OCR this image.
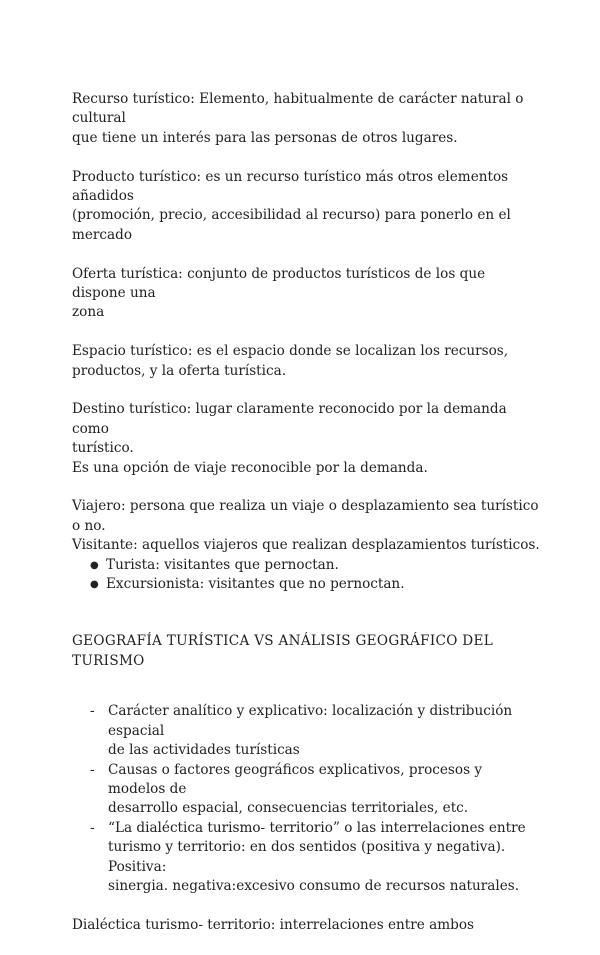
Recurso turístico: Elemento, habitualmente de carácter natural o cultural
que tiene un interés para las personas de otros lugares.

Producto turístico: es un recurso turístico más otros elementos añadidos
(promoción, precio, accesibilidad al recurso) para ponerlo en el mercado

Oferta turística: conjunto de productos turísticos de los que dispone una
zona

Espacio turístico: es el espacio donde se localizan los recursos,
productos, y la oferta turística.

Destino turístico: lugar claramente reconocido por la demanda como
turístico.
Es una opción de viaje reconocible por la demanda.

Viajero: persona que realiza un viaje o desplazamiento sea turístico o no.
Visitante: aquellos viajeros que realizan desplazamientos turísticos.

● Turista: visitantes que pernoctan.
● Excursionista: visitantes que no pernoctan.
GEOGRAFÍA TURÍSTICA VS ANÁLISIS GEOGRÁFICO DEL
TURISMO
- Carácter analítico y explicativo: localización y distribución espacial
de las actividades turísticas
- Causas o factores geográficos explicativos, procesos y modelos de
desarrollo espacial, consecuencias territoriales, etc.
- “La dialéctica turismo- territorio” o las interrelaciones entre
turismo y territorio: en dos sentidos (positiva y negativa). Positiva:
sinergia. negativa:excesivo consumo de recursos naturales.

Dialéctica turismo- territorio: interrelaciones entre ambos
